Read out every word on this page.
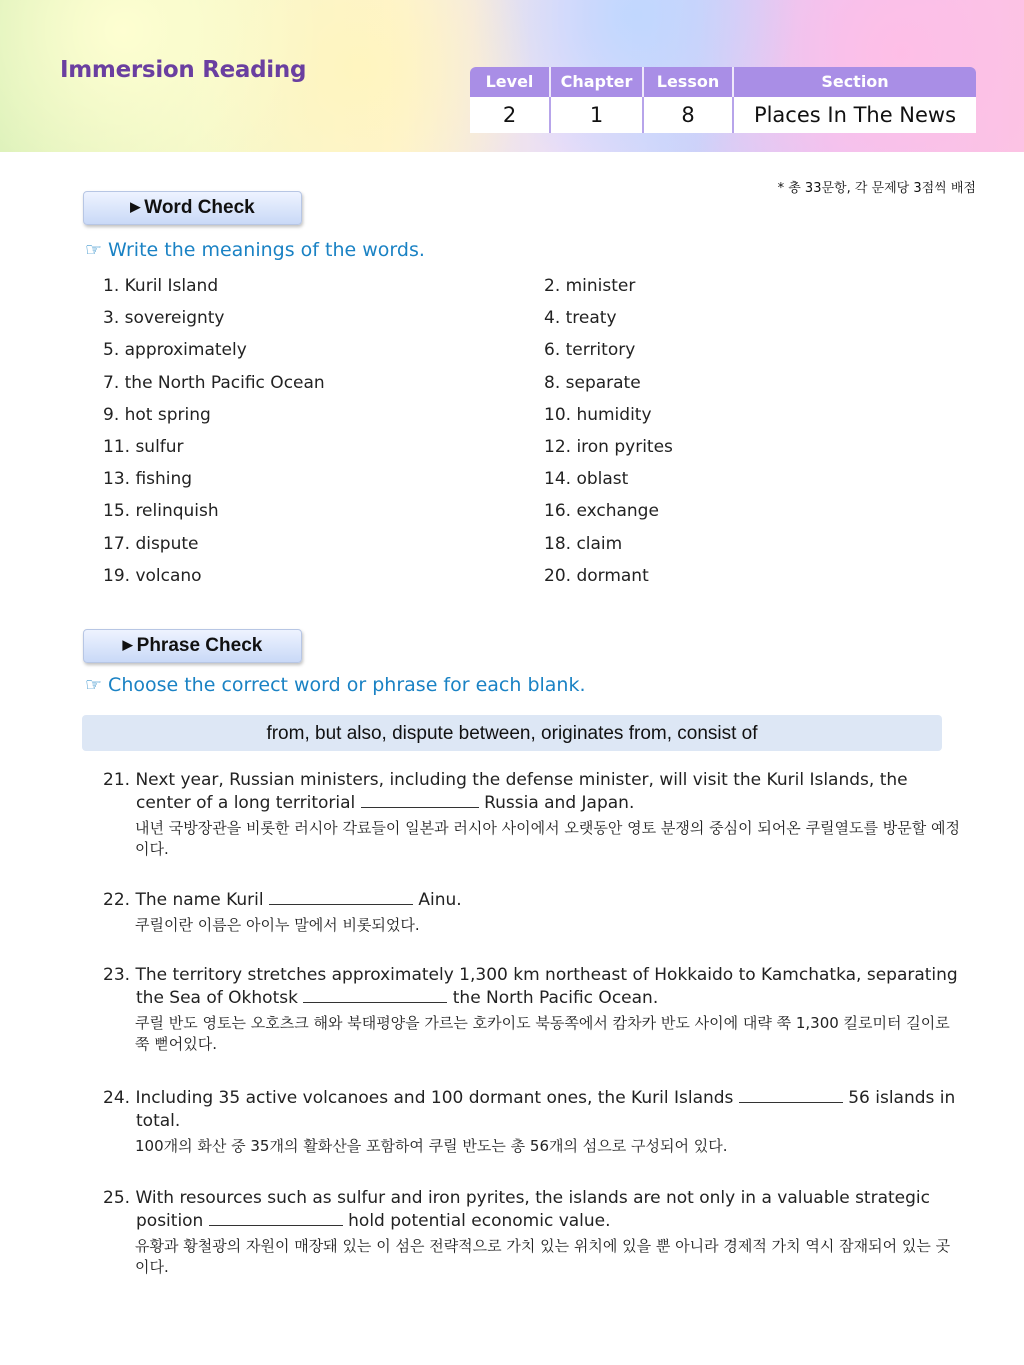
Immersion Reading	Level	Chapter	Lesson	Section
2	1	8	Places In The News
* 총 33문항, 각 문제당 3점씩 배점
▶ Word Check
☞ Write the meanings of the words.
1. Kuril Island	2. minister
3. sovereignty	4. treaty
5. approximately	6. territory
7. the North Pacific Ocean	8. separate
9. hot spring	10. humidity
11. sulfur	12. iron pyrites
13. fishing	14. oblast
15. relinquish	16. exchange
17. dispute	18. claim
19. volcano	20. dormant
▶ Phrase Check
☞ Choose the correct word or phrase for each blank.
from, but also, dispute between, originates from, consist of
21. Next year, Russian ministers, including the defense minister, will visit the Kuril Islands, the center of a long territorial	Russia and Japan.
내년 국방장관을 비롯한 러시아 각료들이 일본과 러시아 사이에서 오랫동안 영토 분쟁의 중심이 되어온 쿠릴열도를 방문할 예정이다.
22. The name Kuril	Ainu.
쿠릴이란 이름은 아이누 말에서 비롯되었다.
23. The territory stretches approximately 1,300 km northeast of Hokkaido to Kamchatka, separating the Sea of Okhotsk	the North Pacific Ocean.
쿠릴 반도 영토는 오호츠크 해와 북태평양을 가르는 호카이도 북동쪽에서 캄차카 반도 사이에 대략 쭉 1,300 킬로미터 길이로 쭉 뻗어있다.
24. Including 35 active volcanoes and 100 dormant ones, the Kuril Islands	56 islands in total.
100개의 화산 중 35개의 활화산을 포함하여 쿠릴 반도는 총 56개의 섬으로 구성되어 있다.
25. With resources such as sulfur and iron pyrites, the islands are not only in a valuable strategic position	hold potential economic value.
유황과 황철광의 자원이 매장돼 있는 이 섬은 전략적으로 가치 있는 위치에 있을 뿐 아니라 경제적 가치 역시 잠재되어 있는 곳이다.
